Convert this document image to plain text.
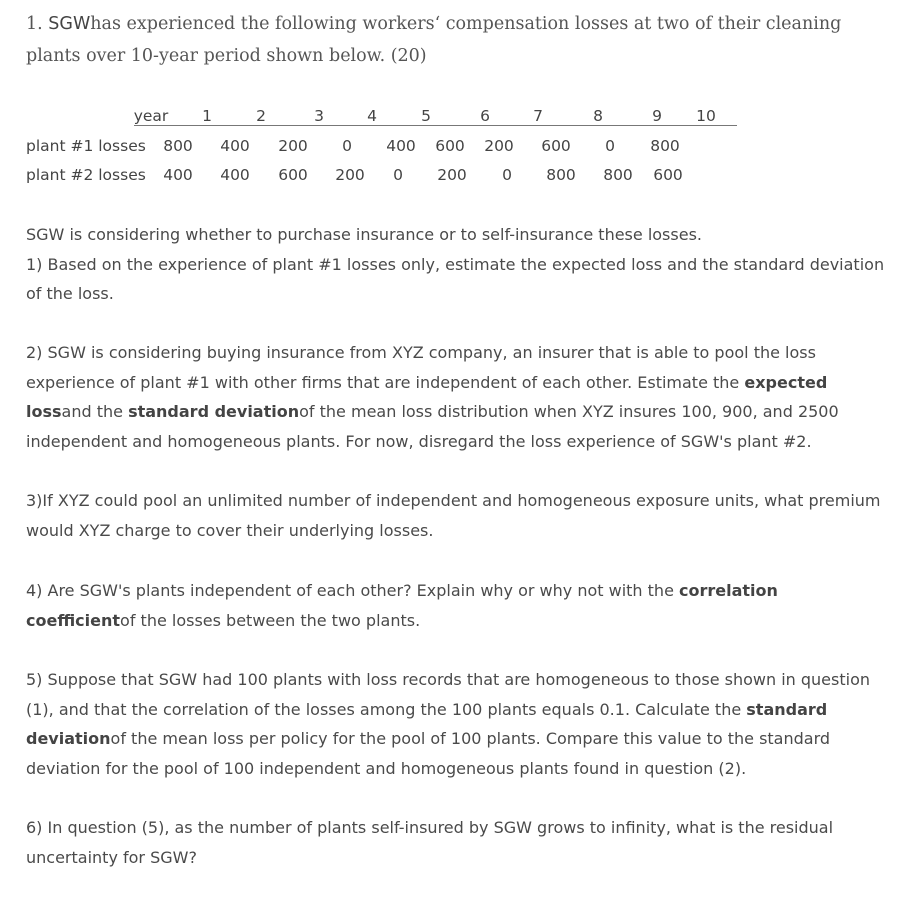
1. SGWhas experienced the following workers‘ compensation losses at two of their cleaning plants over 10-year period shown below. (20)

year 1	2	3	4	5	6	7	8	9 10
plant #1 losses 800 400 200 0 400 600 200 600 0 800
plant #2 losses 400 400 600 200 0 200 0 800 800 600
SGW is considering whether to purchase insurance or to self-insurance these losses.
1) Based on the experience of plant #1 losses only, estimate the expected loss and the standard deviation of the loss.

2) SGW is considering buying insurance from XYZ company, an insurer that is able to pool the loss experience of plant #1 with other firms that are independent of each other. Estimate the expected lossand the standard deviationof the mean loss distribution when XYZ insures 100, 900, and 2500 independent and homogeneous plants. For now, disregard the loss experience of SGW's plant #2.

3)If XYZ could pool an unlimited number of independent and homogeneous exposure units, what premium would XYZ charge to cover their underlying losses.

4) Are SGW's plants independent of each other? Explain why or why not with the correlation coefficientof the losses between the two plants.

5) Suppose that SGW had 100 plants with loss records that are homogeneous to those shown in question (1), and that the correlation of the losses among the 100 plants equals 0.1. Calculate the standard deviationof the mean loss per policy for the pool of 100 plants. Compare this value to the standard deviation for the pool of 100 independent and homogeneous plants found in question (2).

6) In question (5), as the number of plants self-insured by SGW grows to infinity, what is the residual uncertainty for SGW?
